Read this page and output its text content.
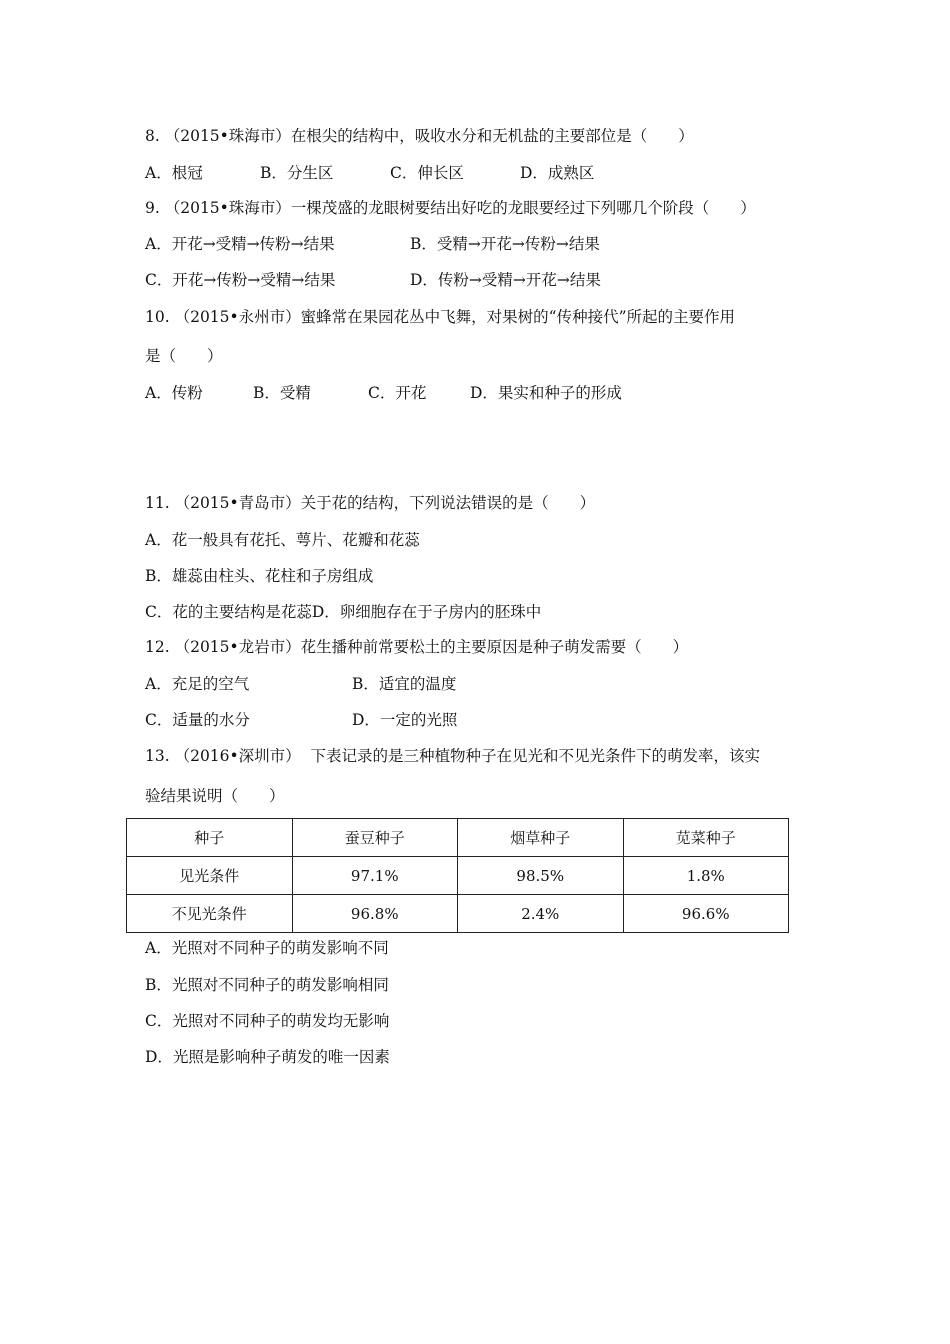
8. （2015•珠海市）在根尖的结构中，吸收水分和无机盐的主要部位是（　　）
A．根冠	B．分生区	C．伸长区	D．成熟区
9. （2015•珠海市）一棵茂盛的龙眼树要结出好吃的龙眼要经过下列哪几个阶段（　　）
A．开花→受精→传粉→结果	B．受精→开花→传粉→结果
C．开花→传粉→受精→结果	D．传粉→受精→开花→结果
10. （2015•永州市）蜜蜂常在果园花丛中飞舞，对果树的“传种接代”所起的主要作用
是（　　）
A．传粉	B．受精	C．开花	D．果实和种子的形成
11. （2015•青岛市）关于花的结构，下列说法错误的是（　　）
A．花一般具有花托、萼片、花瓣和花蕊
B．雄蕊由柱头、花柱和子房组成
C．花的主要结构是花蕊D．卵细胞存在于子房内的胚珠中
12. （2015•龙岩市）花生播种前常要松土的主要原因是种子萌发需要（　　）
A．充足的空气	B．适宜的温度
C．适量的水分	D．一定的光照
13. （2016•深圳市）  下表记录的是三种植物种子在见光和不见光条件下的萌发率，该实
验结果说明（　　）
种子	蚕豆种子	烟草种子	苋菜种子
见光条件	97.1%	98.5%	1.8%
不见光条件	96.8%	2.4%	96.6%
A．光照对不同种子的萌发影响不同
B．光照对不同种子的萌发影响相同
C．光照对不同种子的萌发均无影响
D．光照是影响种子萌发的唯一因素
